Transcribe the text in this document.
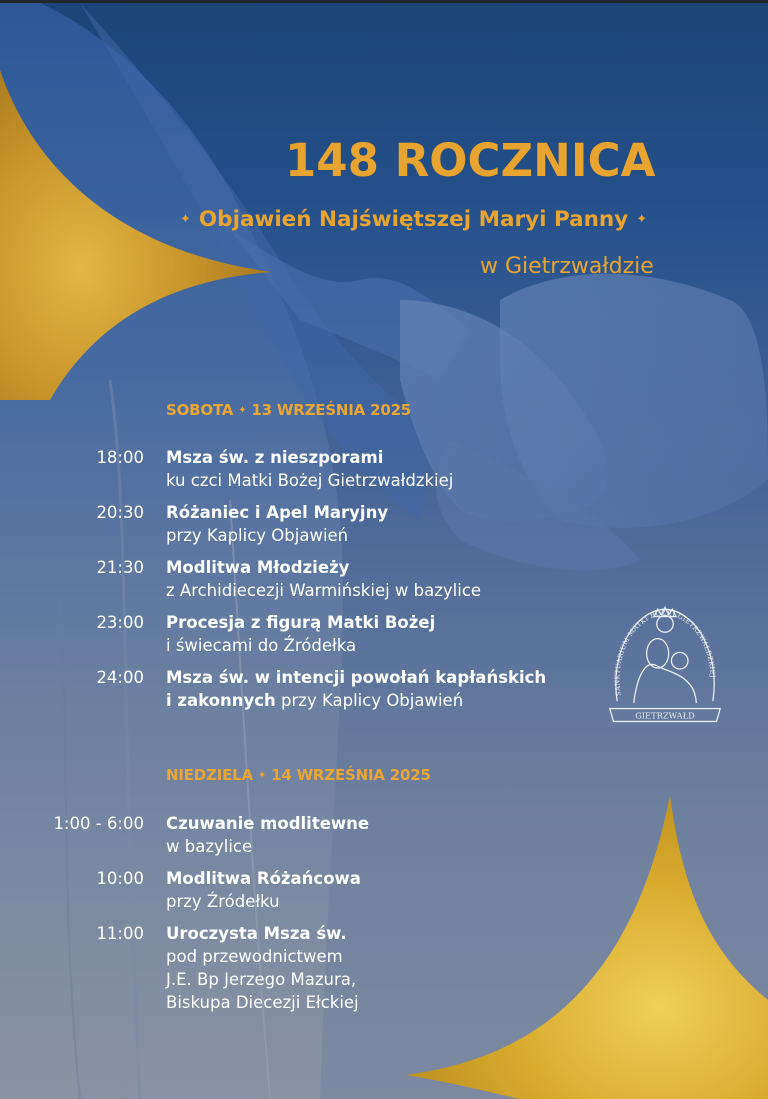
GIETRZWAŁD
SANKTUARIUM MATKI BOŻEJ GIETRZWAŁDZKIEJ
148 ROCZNICA
✦ Objawień Najświętszej Maryi Panny ✦
w Gietrzwałdzie
SOBOTA ✦ 13 WRZEŚNIA 2025
18:00 Msza św. z nieszporami
ku czci Matki Bożej Gietrzwałdzkiej
20:30 Różaniec i Apel Maryjny
przy Kaplicy Objawień
21:30 Modlitwa Młodzieży
z Archidiecezji Warmińskiej w bazylice
23:00 Procesja z figurą Matki Bożej
i świecami do Źródełka
24:00 Msza św. w intencji powołań kapłańskich
i zakonnych przy Kaplicy Objawień
NIEDZIELA ✦ 14 WRZEŚNIA 2025
1:00 - 6:00 Czuwanie modlitewne
w bazylice
10:00 Modlitwa Różańcowa
przy Źródełku
11:00 Uroczysta Msza św.
pod przewodnictwem
J.E. Bp Jerzego Mazura,
Biskupa Diecezji Ełckiej
